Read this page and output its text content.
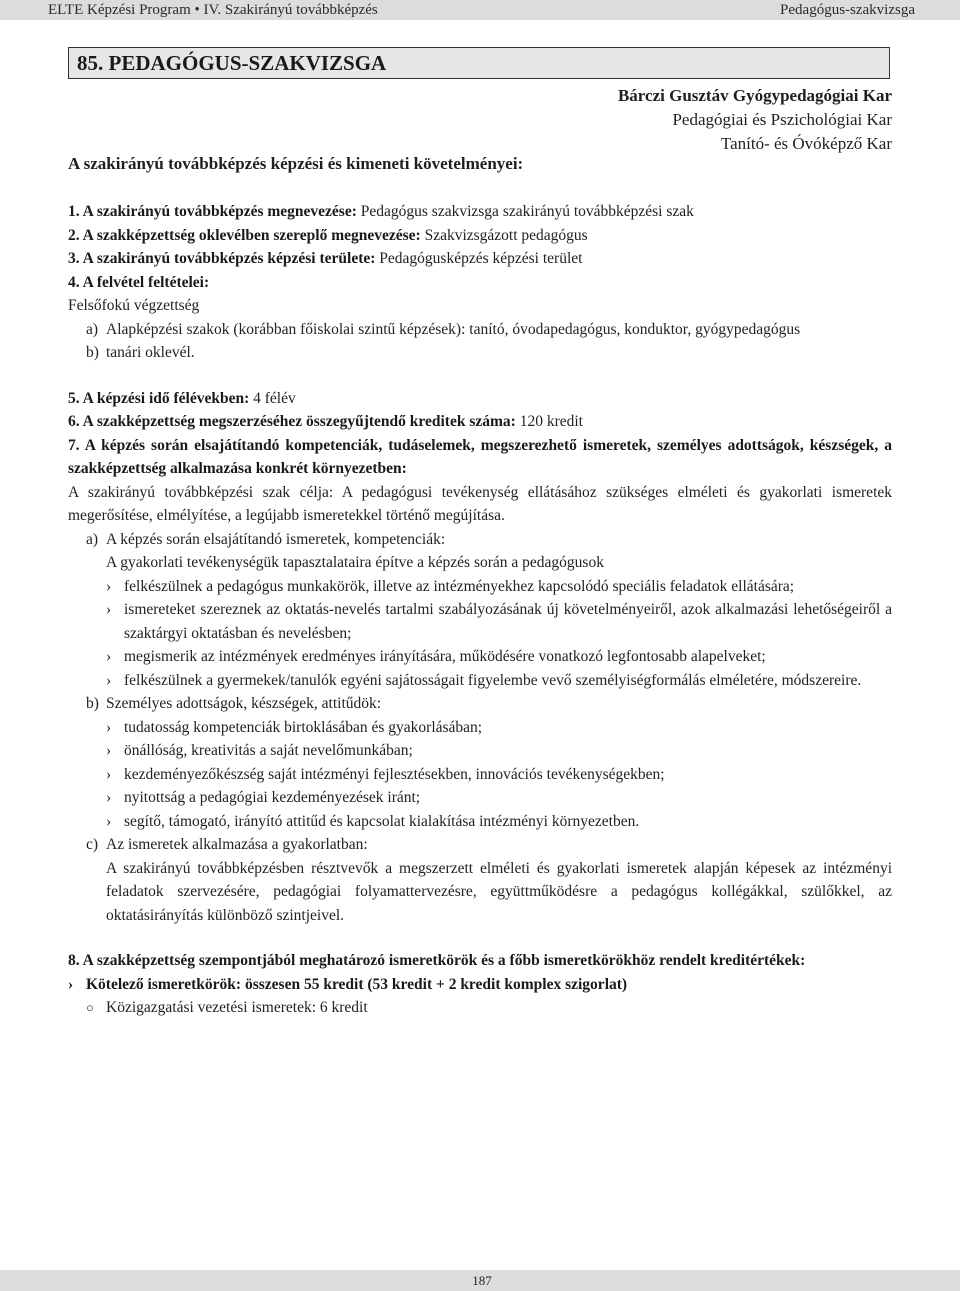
ELTE Képzési Program • IV. Szakirányú továbbképzés	Pedagógus-szakvizsga
85. PEDAGÓGUS-SZAKVIZSGA
Bárczi Gusztáv Gyógypedagógiai Kar
Pedagógiai és Pszichológiai Kar
Tanító- és Óvóképző Kar
A szakirányú továbbképzés képzési és kimeneti követelményei:

1. A szakirányú továbbképzés megnevezése: Pedagógus szakvizsga szakirányú továbbképzési szak

2. A szakképzettség oklevélben szereplő megnevezése: Szakvizsgázott pedagógus

3. A szakirányú továbbképzés képzési területe: Pedagógusképzés képzési terület

4. A felvétel feltételei:

Felsőfokú végzettség

a) Alapképzési szakok (korábban főiskolai szintű képzések): tanító, óvodapedagógus, konduktor, gyógypedagógus
b) tanári oklevél.

5. A képzési idő félévekben: 4 félév

6. A szakképzettség megszerzéséhez összegyűjtendő kreditek száma: 120 kredit

7. A képzés során elsajátítandó kompetenciák, tudáselemek, megszerezhető ismeretek, személyes adottságok, készségek, a szakképzettség alkalmazása konkrét környezetben:

A szakirányú továbbképzési szak célja: A pedagógusi tevékenység ellátásához szükséges elméleti és gyakorlati ismeretek megerősítése, elmélyítése, a legújabb ismeretekkel történő megújítása.

a) A képzés során elsajátítandó ismeretek, kompetenciák:

A gyakorlati tevékenységük tapasztalataira építve a képzés során a pedagógusok

› felkészülnek a pedagógus munkakörök, illetve az intézményekhez kapcsolódó speciális feladatok ellátására;
› ismereteket szereznek az oktatás-nevelés tartalmi szabályozásának új követelményeiről, azok alkalmazási lehetőségeiről a szaktárgyi oktatásban és nevelésben;
› megismerik az intézmények eredményes irányítására, működésére vonatkozó legfontosabb alapelveket;
› felkészülnek a gyermekek/tanulók egyéni sajátosságait figyelembe vevő személyiségformálás elméletére, módszereire.
b) Személyes adottságok, készségek, attitűdök:
› tudatosság kompetenciák birtoklásában és gyakorlásában;
› önállóság, kreativitás a saját nevelőmunkában;
› kezdeményezőkészség saját intézményi fejlesztésekben, innovációs tevékenységekben;
› nyitottság a pedagógiai kezdeményezések iránt;
› segítő, támogató, irányító attitűd és kapcsolat kialakítása intézményi környezetben.
c) Az ismeretek alkalmazása a gyakorlatban:

A szakirányú továbbképzésben résztvevők a megszerzett elméleti és gyakorlati ismeretek alapján képesek az intézményi feladatok szervezésére, pedagógiai folyamattervezésre, együttműködésre a pedagógus kollégákkal, szülőkkel, az oktatásirányítás különböző szintjeivel.

8. A szakképzettség szempontjából meghatározó ismeretkörök és a főbb ismeretkörökhöz rendelt kreditértékek:

› Kötelező ismeretkörök: összesen 55 kredit (53 kredit + 2 kredit komplex szigorlat)
○ Közigazgatási vezetési ismeretek: 6 kredit
187
